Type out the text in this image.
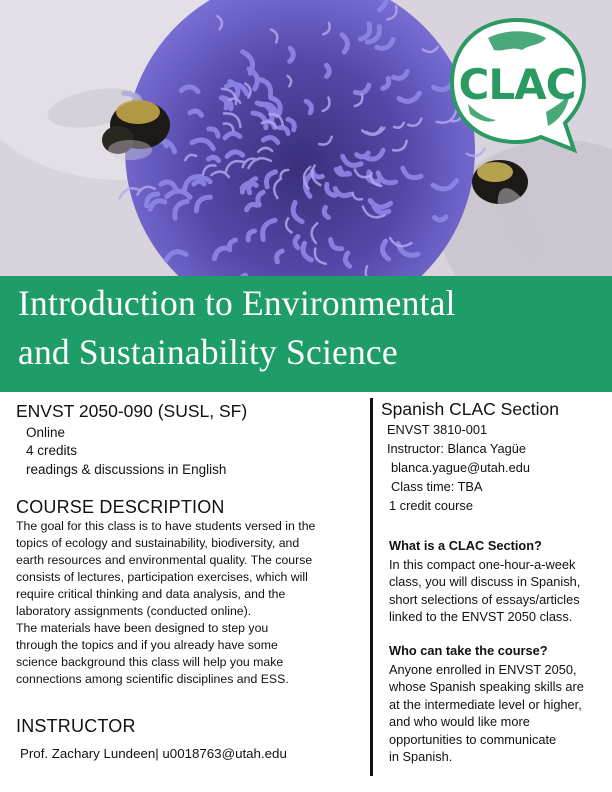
CLAC
Introduction to Environmental
and Sustainability Science
ENVST 2050-090 (SUSL, SF)
Online
4 credits
readings & discussions in English
COURSE DESCRIPTION
The goal for this class is to have students versed in the
topics of ecology and sustainability, biodiversity, and
earth resources and environmental quality. The course
consists of lectures, participation exercises, which will
require critical thinking and data analysis, and the
laboratory assignments (conducted online).
The materials have been designed to step you
through the topics and if you already have some
science background this class will help you make
connections among scientific disciplines and ESS.
INSTRUCTOR
Prof. Zachary Lundeen| u0018763@utah.edu
Spanish CLAC Section
ENVST 3810-001
Instructor: Blanca Yagüe
blanca.yague@utah.edu
Class time: TBA
1 credit course
What is a CLAC Section?
In this compact one-hour-a-week
class, you will discuss in Spanish,
short selections of essays/articles
linked to the ENVST 2050 class.
Who can take the course?
Anyone enrolled in ENVST 2050,
whose Spanish speaking skills are
at the intermediate level or higher,
and who would like more
opportunities to communicate
in Spanish.
